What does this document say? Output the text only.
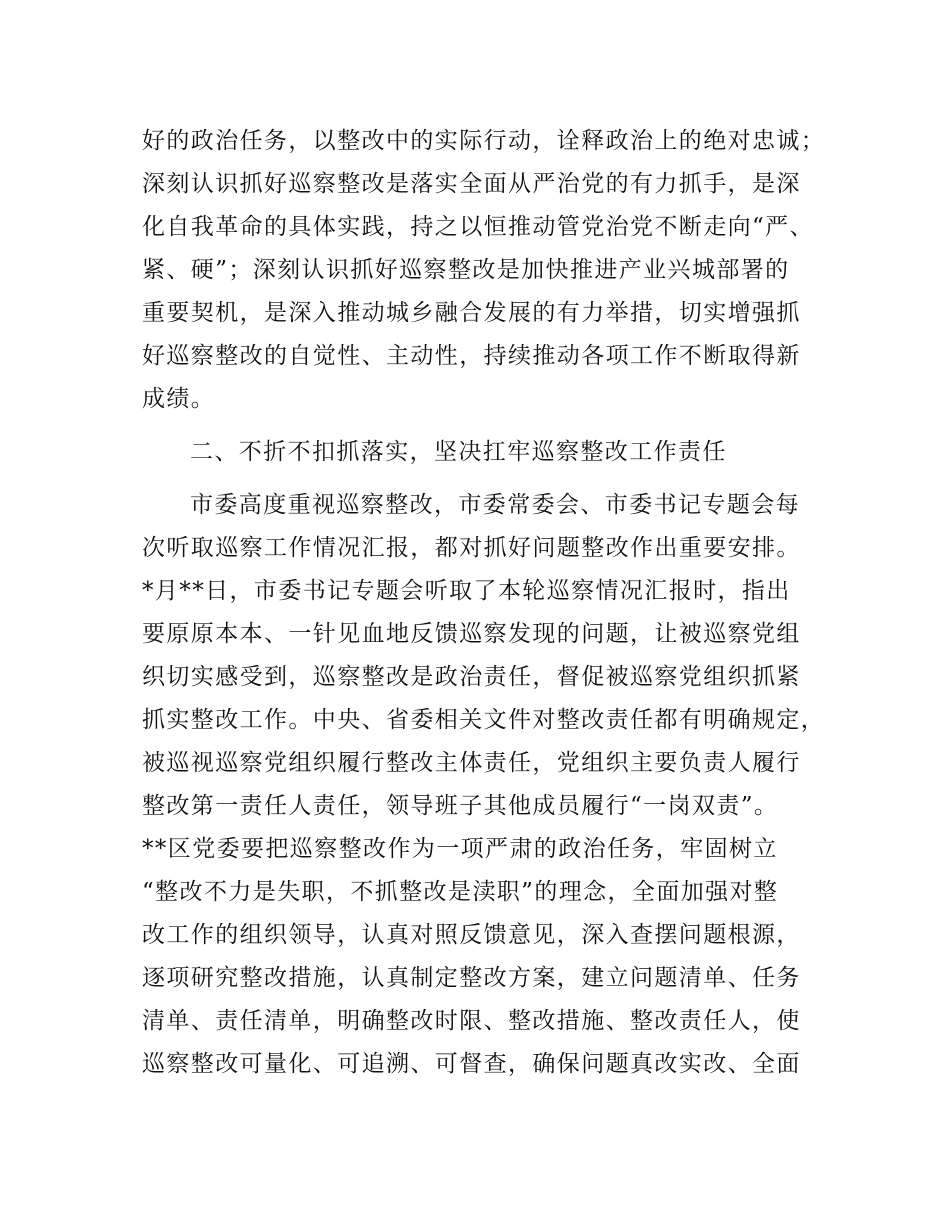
好的政治任务，以整改中的实际行动，诠释政治上的绝对忠诚；
深刻认识抓好巡察整改是落实全面从严治党的有力抓手，是深
化自我革命的具体实践，持之以恒推动管党治党不断走向“严、
紧、硬”；深刻认识抓好巡察整改是加快推进产业兴城部署的
重要契机，是深入推动城乡融合发展的有力举措，切实增强抓
好巡察整改的自觉性、主动性，持续推动各项工作不断取得新
成绩。
二、不折不扣抓落实，坚决扛牢巡察整改工作责任
市委高度重视巡察整改，市委常委会、市委书记专题会每
次听取巡察工作情况汇报，都对抓好问题整改作出重要安排。
*月**日，市委书记专题会听取了本轮巡察情况汇报时，指出
要原原本本、一针见血地反馈巡察发现的问题，让被巡察党组
织切实感受到，巡察整改是政治责任，督促被巡察党组织抓紧
抓实整改工作。中央、省委相关文件对整改责任都有明确规定，
被巡视巡察党组织履行整改主体责任，党组织主要负责人履行
整改第一责任人责任，领导班子其他成员履行“一岗双责”。
**区党委要把巡察整改作为一项严肃的政治任务，牢固树立
“整改不力是失职，不抓整改是渎职”的理念，全面加强对整
改工作的组织领导，认真对照反馈意见，深入查摆问题根源，
逐项研究整改措施，认真制定整改方案，建立问题清单、任务
清单、责任清单，明确整改时限、整改措施、整改责任人，使
巡察整改可量化、可追溯、可督查，确保问题真改实改、全面
